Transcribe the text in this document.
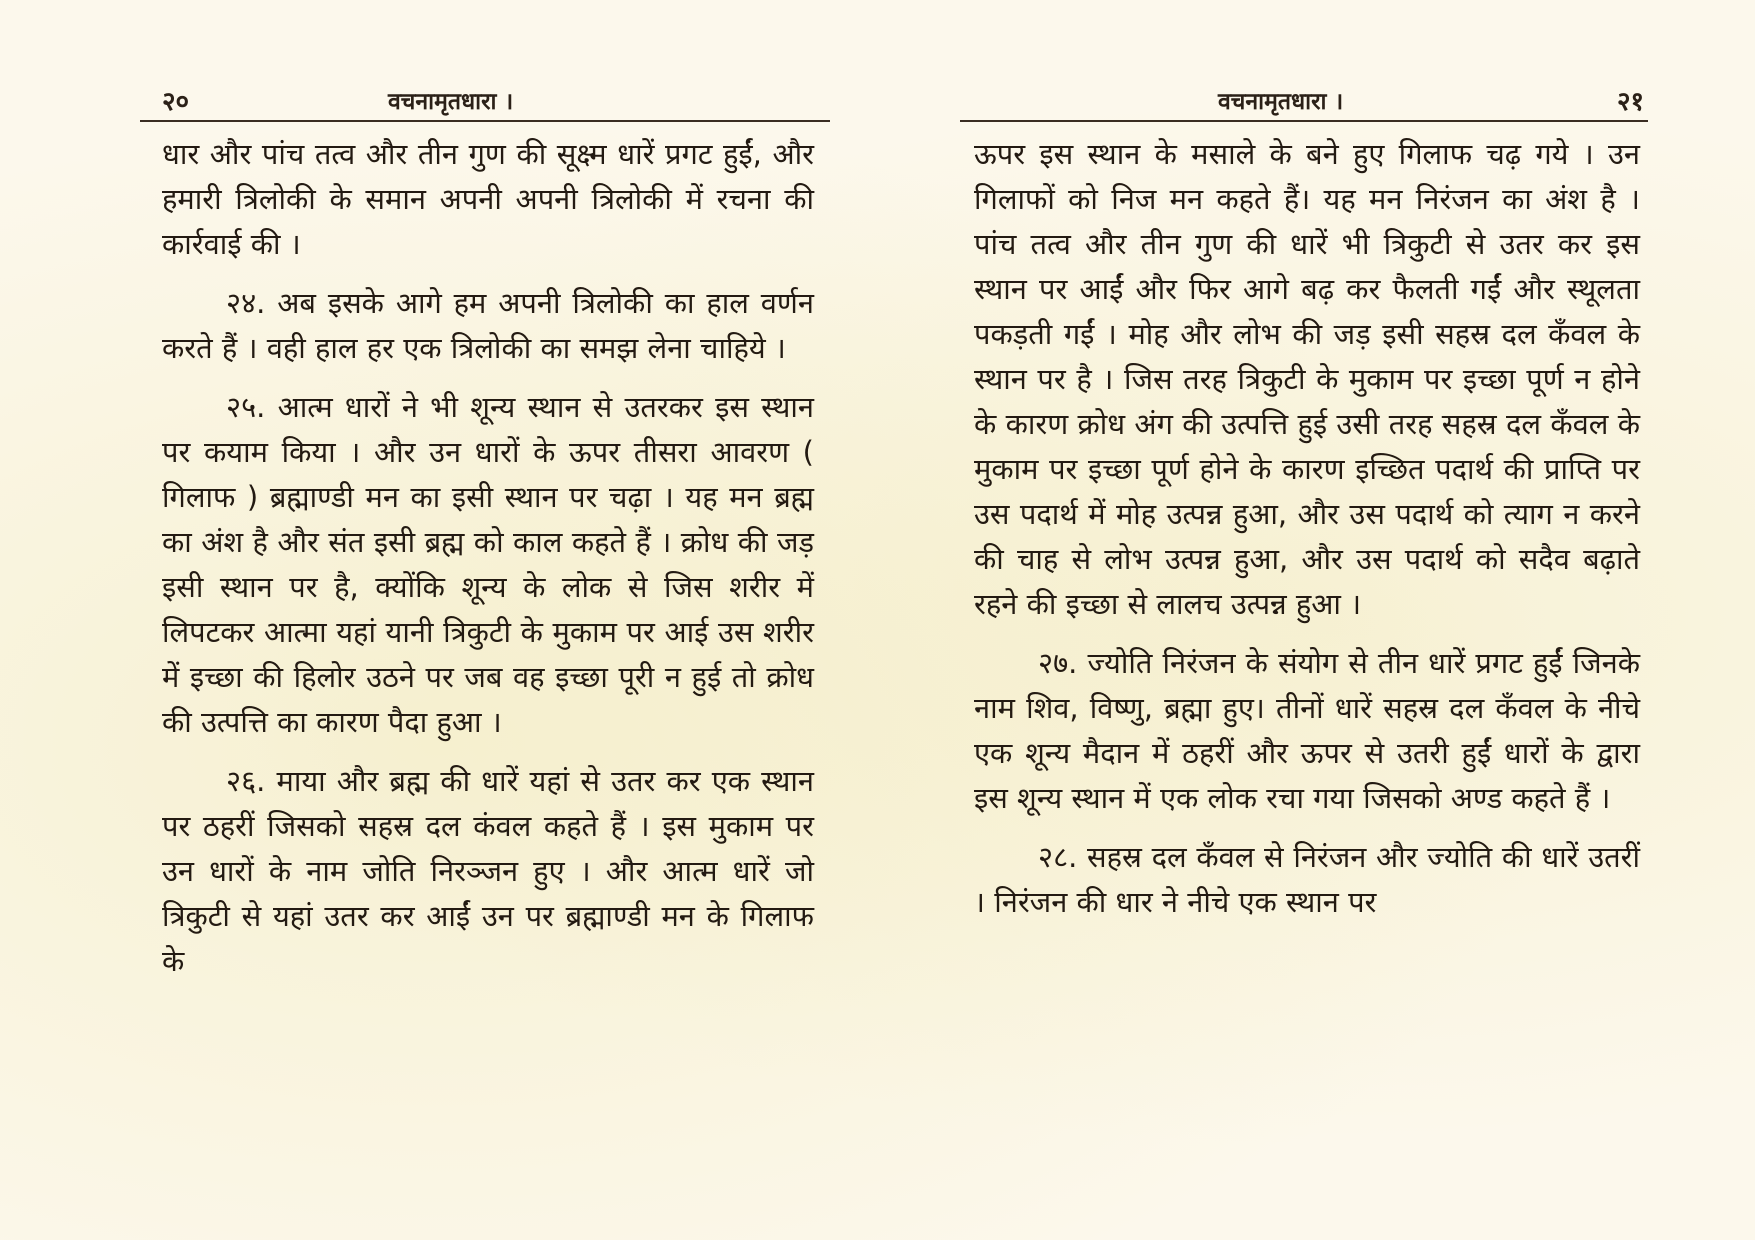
२०	वचनामृतधारा ।

धार और पांच तत्व और तीन गुण की सूक्ष्म धारें प्रगट हुईं, और हमारी त्रिलोकी के समान अपनी अपनी त्रिलोकी में रचना की कार्रवाई की ।

२४. अब इसके आगे हम अपनी त्रिलोकी का हाल वर्णन करते हैं । वही हाल हर एक त्रिलोकी का समझ लेना चाहिये ।

२५. आत्म धारों ने भी शून्य स्थान से उतरकर इस स्थान पर कयाम किया । और उन धारों के ऊपर तीसरा आवरण ( गिलाफ ) ब्रह्माण्डी मन का इसी स्थान पर चढ़ा । यह मन ब्रह्म का अंश है और संत इसी ब्रह्म को काल कहते हैं । क्रोध की जड़ इसी स्थान पर है, क्योंकि शून्य के लोक से जिस शरीर में लिपटकर आत्मा यहां यानी त्रिकुटी के मुकाम पर आई उस शरीर में इच्छा की हिलोर उठने पर जब वह इच्छा पूरी न हुई तो क्रोध की उत्पत्ति का कारण पैदा हुआ ।

२६. माया और ब्रह्म की धारें यहां से उतर कर एक स्थान पर ठहरीं जिसको सहस्र दल कंवल कहते हैं । इस मुकाम पर उन धारों के नाम जोति निरञ्जन हुए । और आत्म धारें जो त्रिकुटी से यहां उतर कर आईं उन पर ब्रह्माण्डी मन के गिलाफ के

वचनामृतधारा ।	२१

ऊपर इस स्थान के मसाले के बने हुए गिलाफ चढ़ गये । उन गिलाफों को निज मन कहते हैं। यह मन निरंजन का अंश है । पांच तत्व और तीन गुण की धारें भी त्रिकुटी से उतर कर इस स्थान पर आईं और फिर आगे बढ़ कर फैलती गईं और स्थूलता पकड़ती गईं । मोह और लोभ की जड़ इसी सहस्र दल कँवल के स्थान पर है । जिस तरह त्रिकुटी के मुकाम पर इच्छा पूर्ण न होने के कारण क्रोध अंग की उत्पत्ति हुई उसी तरह सहस्र दल कँवल के मुकाम पर इच्छा पूर्ण होने के कारण इच्छित पदार्थ की प्राप्ति पर उस पदार्थ में मोह उत्पन्न हुआ, और उस पदार्थ को त्याग न करने की चाह से लोभ उत्पन्न हुआ, और उस पदार्थ को सदैव बढ़ाते रहने की इच्छा से लालच उत्पन्न हुआ ।

२७. ज्योति निरंजन के संयोग से तीन धारें प्रगट हुईं जिनके नाम शिव, विष्णु, ब्रह्मा हुए। तीनों धारें सहस्र दल कँवल के नीचे एक शून्य मैदान में ठहरीं और ऊपर से उतरी हुईं धारों के द्वारा इस शून्य स्थान में एक लोक रचा गया जिसको अण्ड कहते हैं ।

२८. सहस्र दल कँवल से निरंजन और ज्योति की धारें उतरीं । निरंजन की धार ने नीचे एक स्थान पर
